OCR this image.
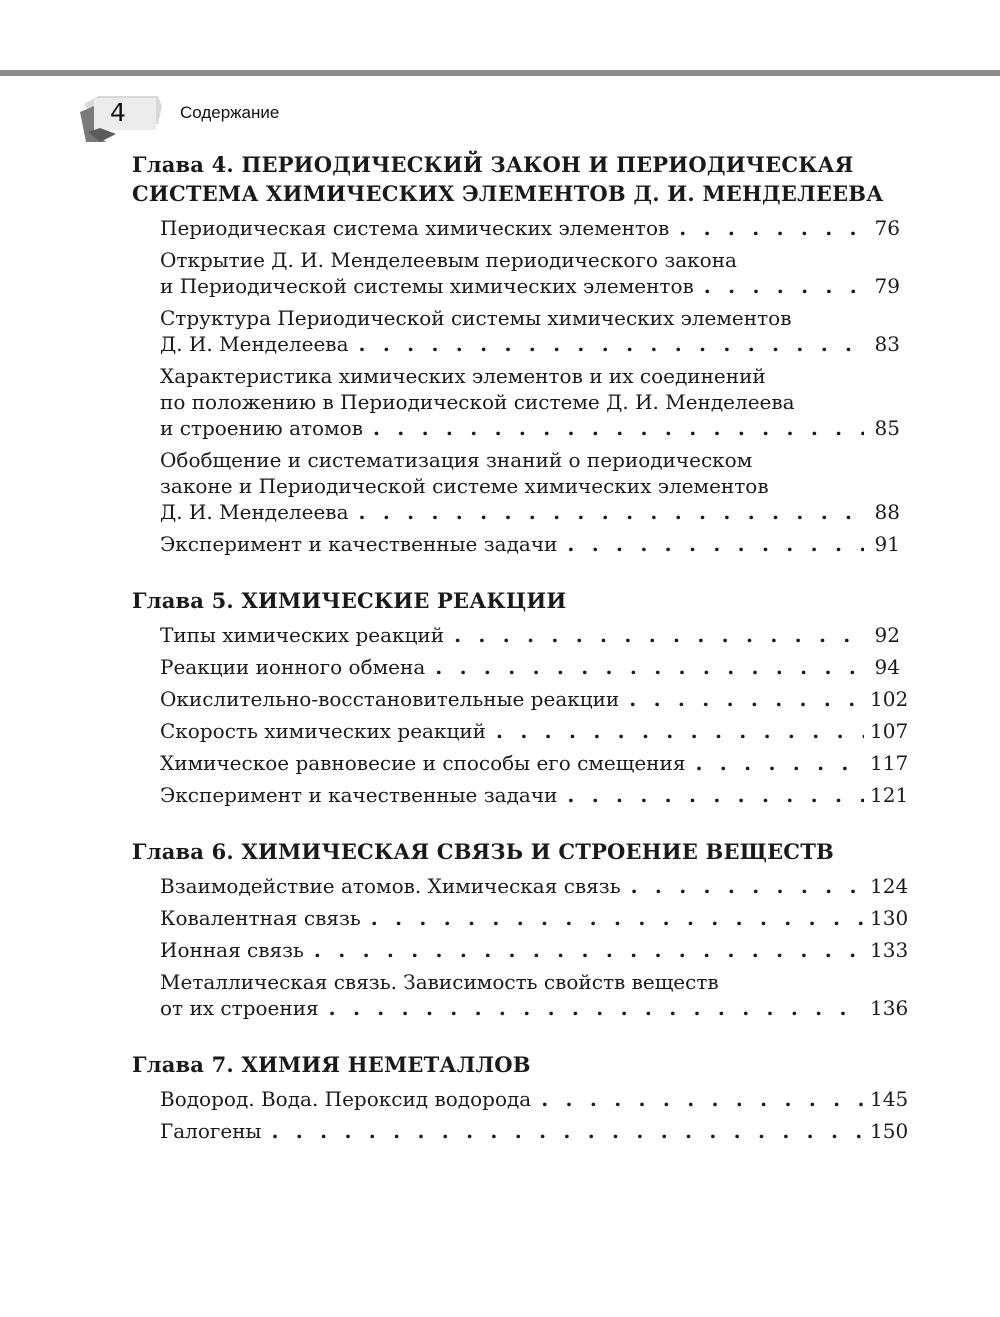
4	Содержание
Глава 4. ПЕРИОДИЧЕСКИЙ ЗАКОН И ПЕРИОДИЧЕСКАЯ
СИСТЕМА ХИМИЧЕСКИХ ЭЛЕМЕНТОВ Д. И. МЕНДЕЛЕЕВА
Периодическая система химических элементов . . .	76
Открытие Д. И. Менделеевым периодического закона
и Периодической системы химических элементов . . .	79
Структура Периодической системы химических элементов
Д. И. Менделеева . . .	83
Характеристика химических элементов и их соединений
по положению в Периодической системе Д. И. Менделеева
и строению атомов . . .	85
Обобщение и систематизация знаний о периодическом
законе и Периодической системе химических элементов
Д. И. Менделеева . . .	88
Эксперимент и качественные задачи . . .	91
Глава 5. ХИМИЧЕСКИЕ РЕАКЦИИ
Типы химических реакций . . .	92
Реакции ионного обмена . . .	94
Окислительно-восстановительные реакции . . .	102
Скорость химических реакций . . .	107
Химическое равновесие и способы его смещения . . .	117
Эксперимент и качественные задачи . . .	121
Глава 6. ХИМИЧЕСКАЯ СВЯЗЬ И СТРОЕНИЕ ВЕЩЕСТВ
Взаимодействие атомов. Химическая связь . . .	124
Ковалентная связь . . .	130
Ионная связь . . .	133
Металлическая связь. Зависимость свойств веществ
от их строения . . .	136
Глава 7. ХИМИЯ НЕМЕТАЛЛОВ
Водород. Вода. Пероксид водорода . . .	145
Галогены . . .	150
